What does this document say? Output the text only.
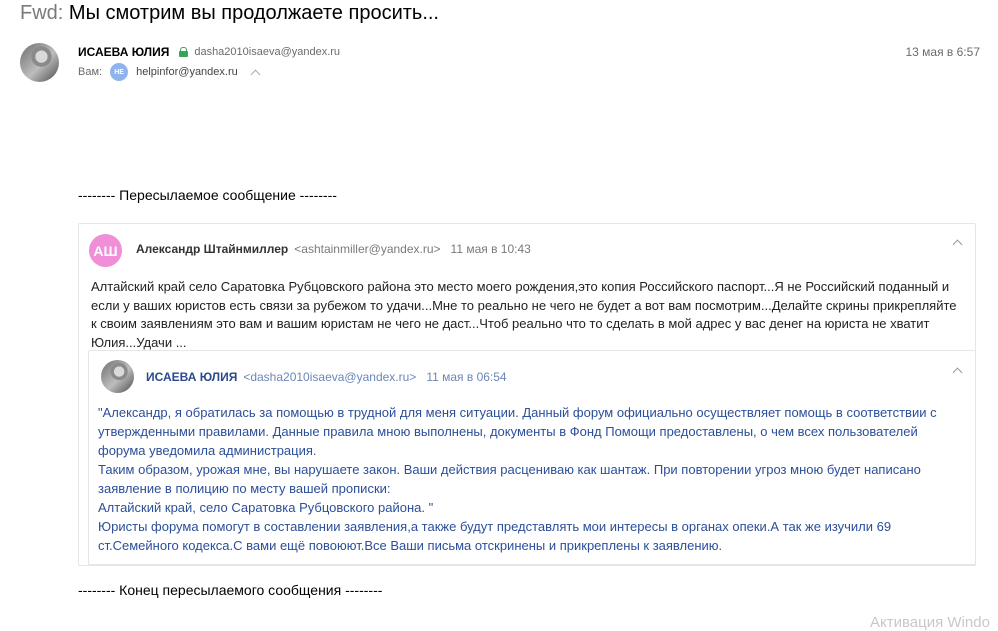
Fwd: Мы смотрим вы продолжаете просить...
ИСАЕВА ЮЛИЯ dasha2010isaeva@yandex.ru	13 мая в 6:57
Вам:	HE	helpinfor@yandex.ru
-------- Пересылаемое сообщение --------
АШ	Александр Штайнмиллер <ashtainmiller@yandex.ru> 11 мая в 10:43
Алтайский край село Саратовка Рубцовского района это место моего рождения,это копия Российского паспорт...Я не Российский поданный и если у ваших юристов есть связи за рубежом то удачи...Мне то реально не чего не будет а вот вам посмотрим...Делайте скрины прикрепляйте к своим заявлениям это вам и вашим юристам не чего не даст...Чтоб реально что то сделать в мой адрес у вас денег на юриста не хватит Юлия...Удачи ...
ИСАЕВА ЮЛИЯ <dasha2010isaeva@yandex.ru> 11 мая в 06:54

"Александр, я обратилась за помощью в трудной для меня ситуации. Данный форум официально осуществляет помощь в соответствии с утвержденными правилами. Данные правила мною выполнены, документы в Фонд Помощи предоставлены, о чем всех пользователей форума уведомила администрация.

Таким образом, урожая мне, вы нарушаете закон. Ваши действия расцениваю как шантаж. При повторении угроз мною будет написано заявление в полицию по месту вашей прописки:

Алтайский край, село Саратовка Рубцовского района. "

Юристы форума помогут в составлении заявления,а также будут представлять мои интересы в органах опеки.А так же изучили 69 ст.Семейного кодекса.С вами ещё повоюют.Все Ваши письма отскринены и прикреплены к заявлению.

-------- Конец пересылаемого сообщения --------
Активация Windo
